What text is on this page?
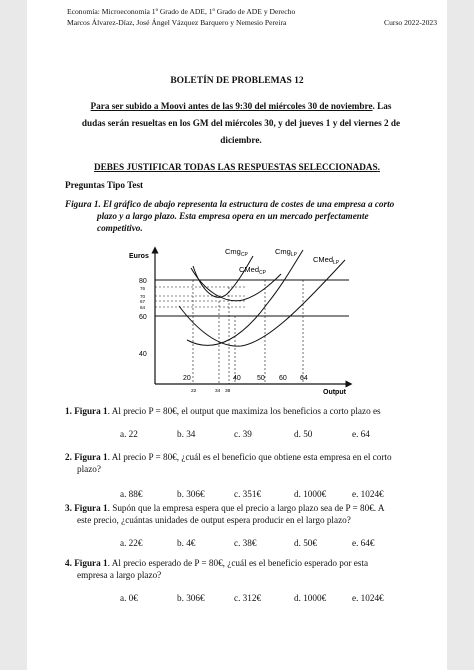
Economía: Microeconomía 1º Grado de ADE, 1º Grado de ADE y Derecho
Marcos Álvarez-Díaz, José Ángel Vázquez Barquero y Nemesio Pereira	Curso 2022-2023
BOLETÍN DE PROBLEMAS 12
Para ser subido a Moovi antes de las 9:30 del miércoles 30 de noviembre. Las
dudas serán resueltas en los GM del miércoles 30, y del jueves 1 y del viernes 2 de
diciembre.
DEBES JUSTIFICAR TODAS LAS RESPUESTAS SELECCIONADAS.
Preguntas Tipo Test
Figura 1. El gráfico de abajo representa la estructura de costes de una empresa a corto
plazo y a largo plazo. Esta empresa opera en un mercado perfectamente
competitivo.
Euros
Output
80
76
70
67
64
60
40
Cmg$_{CP}$	Cmg$_{LP}$
CMed$_{CP}$
CMed$_{LP}$
20	40 50 60
22	34 38
64
1. Figura 1. Al precio P = 80€, el output que maximiza los beneficios a corto plazo es
a. 22	b. 34	c. 39	d. 50	e. 64
2. Figura 1. Al precio P = 80€, ¿cuál es el beneficio que obtiene esta empresa en el corto
plazo?
a. 88€	b. 306€	c. 351€	d. 1000€	e. 1024€
3. Figura 1. Supón que la empresa espera que el precio a largo plazo sea de P = 80€. A
este precio, ¿cuántas unidades de output espera producir en el largo plazo?
a. 22€	b. 4€	c. 38€	d. 50€	e. 64€
4. Figura 1. Al precio esperado de P = 80€, ¿cuál es el beneficio esperado por esta
empresa a largo plazo?
a. 0€	b. 306€	c. 312€	d. 1000€	e. 1024€
